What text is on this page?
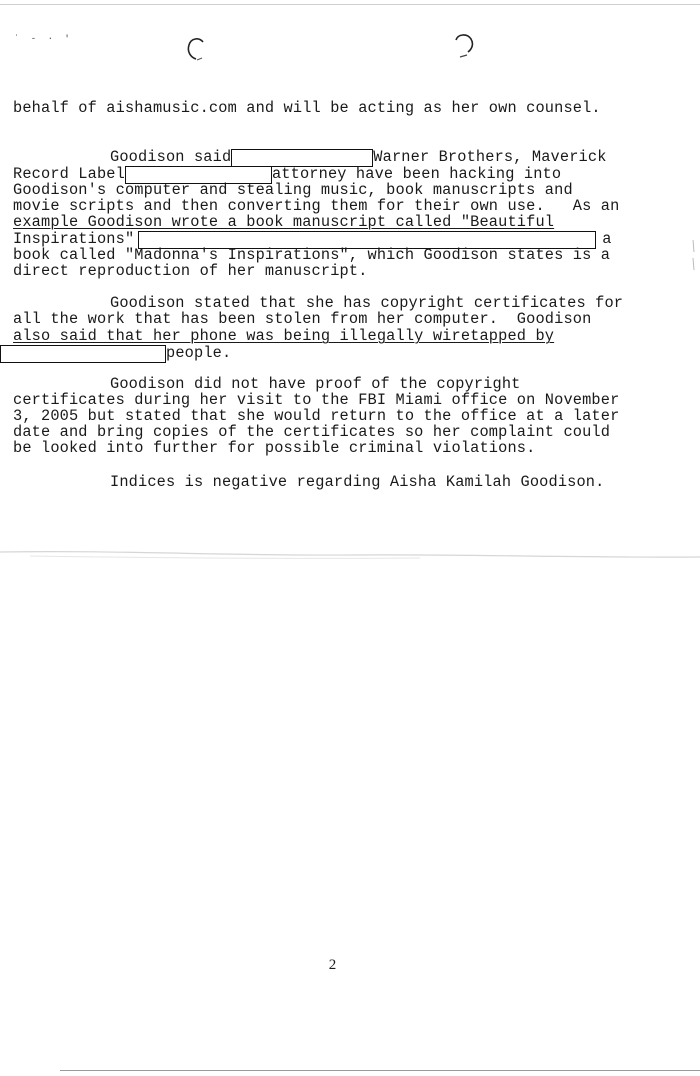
ʿ - · '
behalf of aishamusic.com and will be acting as her own counsel.
Goodison said	Warner Brothers, Maverick
Record Label	attorney have been hacking into
Goodison's computer and stealing music, book manuscripts and
movie scripts and then converting them for their own use.   As an
example Goodison wrote a book manuscript called "Beautiful
Inspirations"	a
book called "Madonna's Inspirations", which Goodison states is a
direct reproduction of her manuscript.
Goodison stated that she has copyright certificates for
all the work that has been stolen from her computer.  Goodison
also said that her phone was being illegally wiretapped by
people.
Goodison did not have proof of the copyright
certificates during her visit to the FBI Miami office on November
3, 2005 but stated that she would return to the office at a later
date and bring copies of the certificates so her complaint could
be looked into further for possible criminal violations.
Indices is negative regarding Aisha Kamilah Goodison.
2
